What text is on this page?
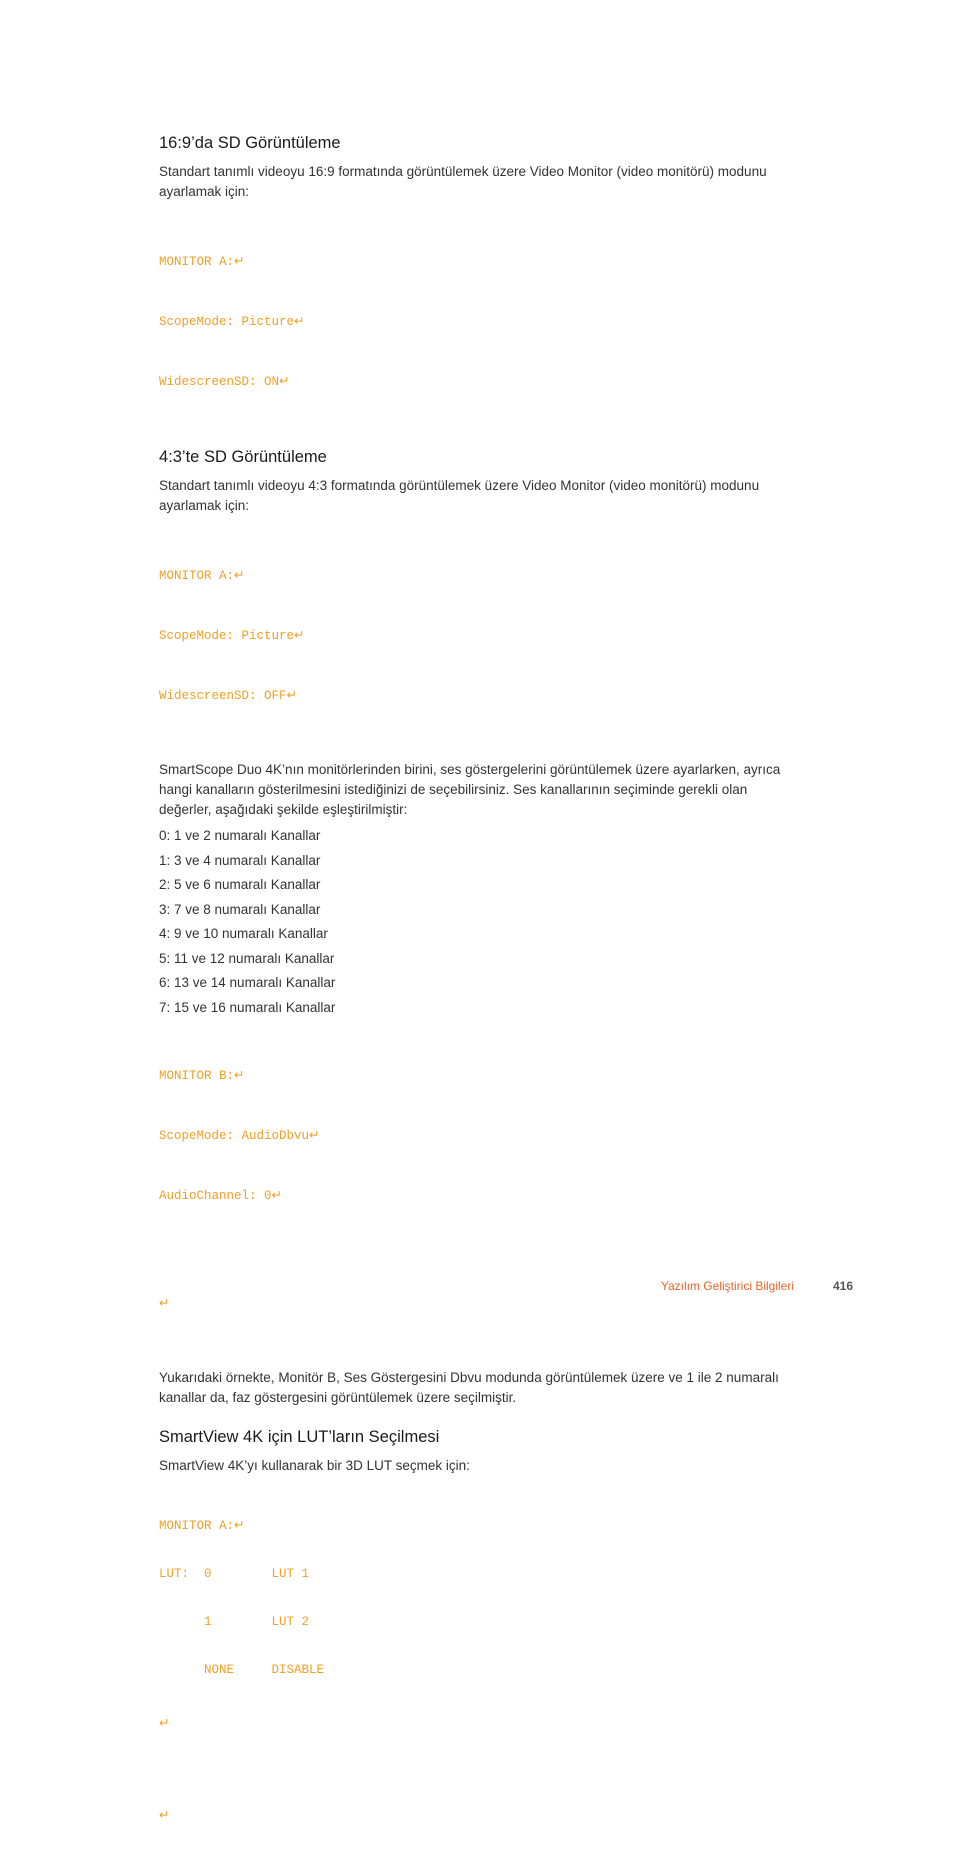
16:9’da SD Görüntüleme

Standart tanımlı videoyu 16:9 formatında görüntülemek üzere Video Monitor (video monitörü) modunu ayarlamak için:

MONITOR A:↵

ScopeMode: Picture↵

WidescreenSD: ON↵

4:3’te SD Görüntüleme

Standart tanımlı videoyu 4:3 formatında görüntülemek üzere Video Monitor (video monitörü) modunu ayarlamak için:

MONITOR A:↵

ScopeMode: Picture↵

WidescreenSD: OFF↵

SmartScope Duo 4K’nın monitörlerinden birini, ses göstergelerini görüntülemek üzere ayarlarken, ayrıca hangi kanalların gösterilmesini istediğinizi de seçebilirsiniz. Ses kanallarının seçiminde gerekli olan değerler, aşağıdaki şekilde eşleştirilmiştir:

0: 1 ve 2 numaralı Kanallar
1: 3 ve 4 numaralı Kanallar
2: 5 ve 6 numaralı Kanallar
3: 7 ve 8 numaralı Kanallar
4: 9 ve 10 numaralı Kanallar
5: 11 ve 12 numaralı Kanallar
6: 13 ve 14 numaralı Kanallar
7: 15 ve 16 numaralı Kanallar

MONITOR B:↵

ScopeMode: AudioDbvu↵

AudioChannel: 0↵

↵

Yukarıdaki örnekte, Monitör B, Ses Göstergesini Dbvu modunda görüntülemek üzere ve 1 ile 2 numaralı kanallar da, faz göstergesini görüntülemek üzere seçilmiştir.

SmartView 4K için LUT’ların Seçilmesi

SmartView 4K’yı kullanarak bir 3D LUT seçmek için:

MONITOR A:↵

LUT:  0        LUT 1

1        LUT 2

NONE     DISABLE

↵

↵

Yazılım Geliştirici Bilgileri	416
